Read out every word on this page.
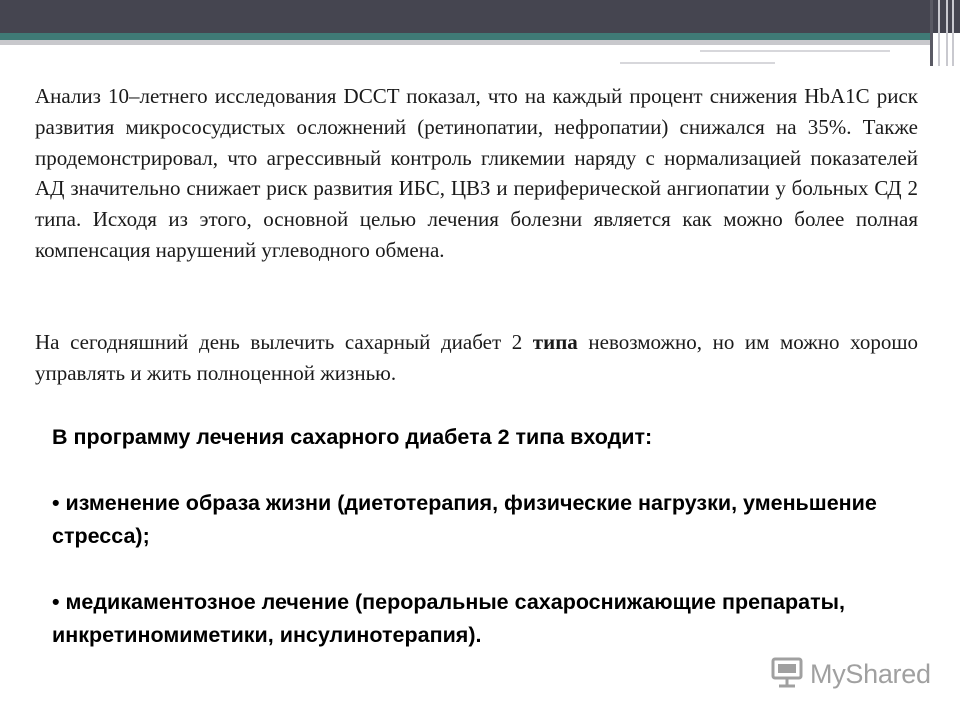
Анализ 10–летнего исследования DCCT показал, что на каждый процент снижения HbA1C риск развития микрососудистых осложнений (ретинопатии, нефропатии) снижался на 35%. Также продемонстрировал, что агрессивный контроль гликемии наряду с нормализацией показателей АД значительно снижает риск развития ИБС, ЦВЗ и периферической ангиопатии у больных СД 2 типа. Исходя из этого, основной целью лечения болезни является как можно более полная компенсация нарушений углеводного обмена.

На сегодняшний день вылечить сахарный диабет 2 типа невозможно, но им можно хорошо управлять и жить полноценной жизнью.

В программу лечения сахарного диабета 2 типа входит:
• изменение образа жизни (диетотерапия, физические нагрузки, уменьшение стресса);
• медикаментозное лечение (пероральные сахароснижающие препараты, инкретиномиметики, инсулинотерапия).
MyShared
